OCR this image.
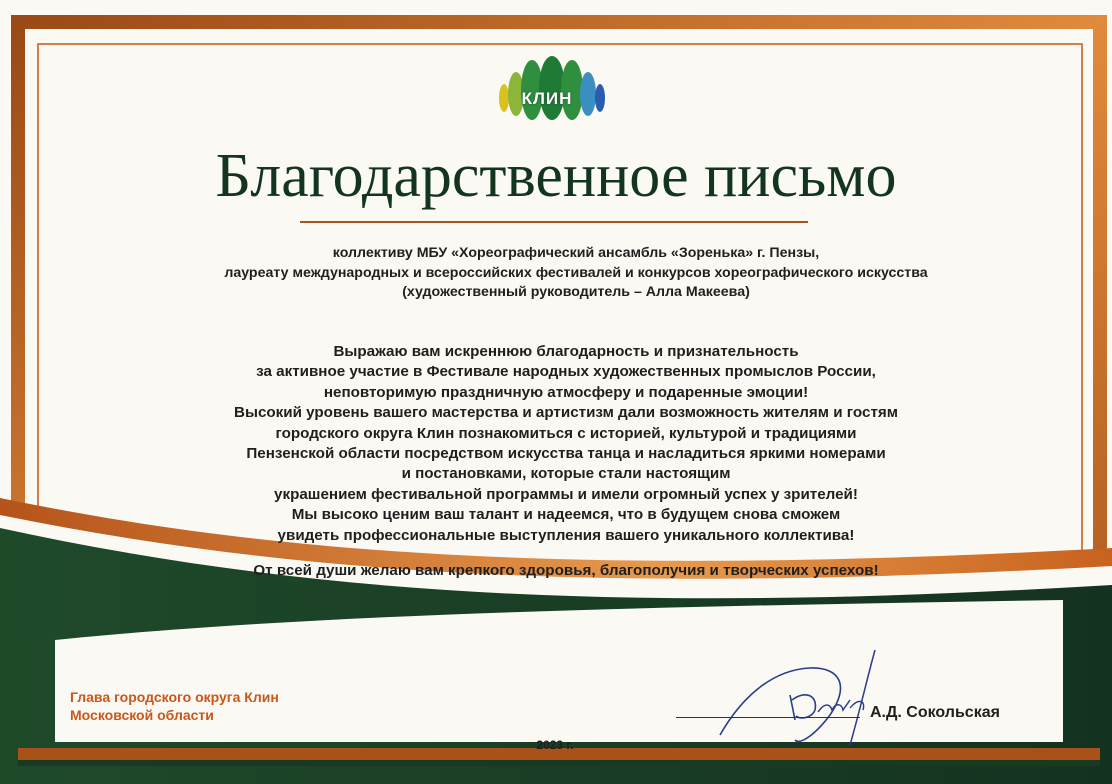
КЛИН
Благодарственное письмо
коллективу МБУ «Хореографический ансамбль «Зоренька» г. Пензы,
лауреату международных и всероссийских фестивалей и конкурсов хореографического искусства
(художественный руководитель – Алла Макеева)
Выражаю вам искреннюю благодарность и признательность
за активное участие в Фестивале народных художественных промыслов России,
неповторимую праздничную атмосферу и подаренные эмоции!
Высокий уровень вашего мастерства и артистизм дали возможность жителям и гостям
городского округа Клин познакомиться с историей, культурой и традициями
Пензенской области посредством искусства танца и насладиться яркими номерами
и постановками, которые стали настоящим
украшением фестивальной программы и имели огромный успех у зрителей!
Мы высоко ценим ваш талант и надеемся, что в будущем снова сможем
увидеть профессиональные выступления вашего уникального коллектива!
От всей души желаю вам крепкого здоровья, благополучия и творческих успехов!
Глава городского округа Клин
Московской области	А.Д. Сокольская
2023 г.
